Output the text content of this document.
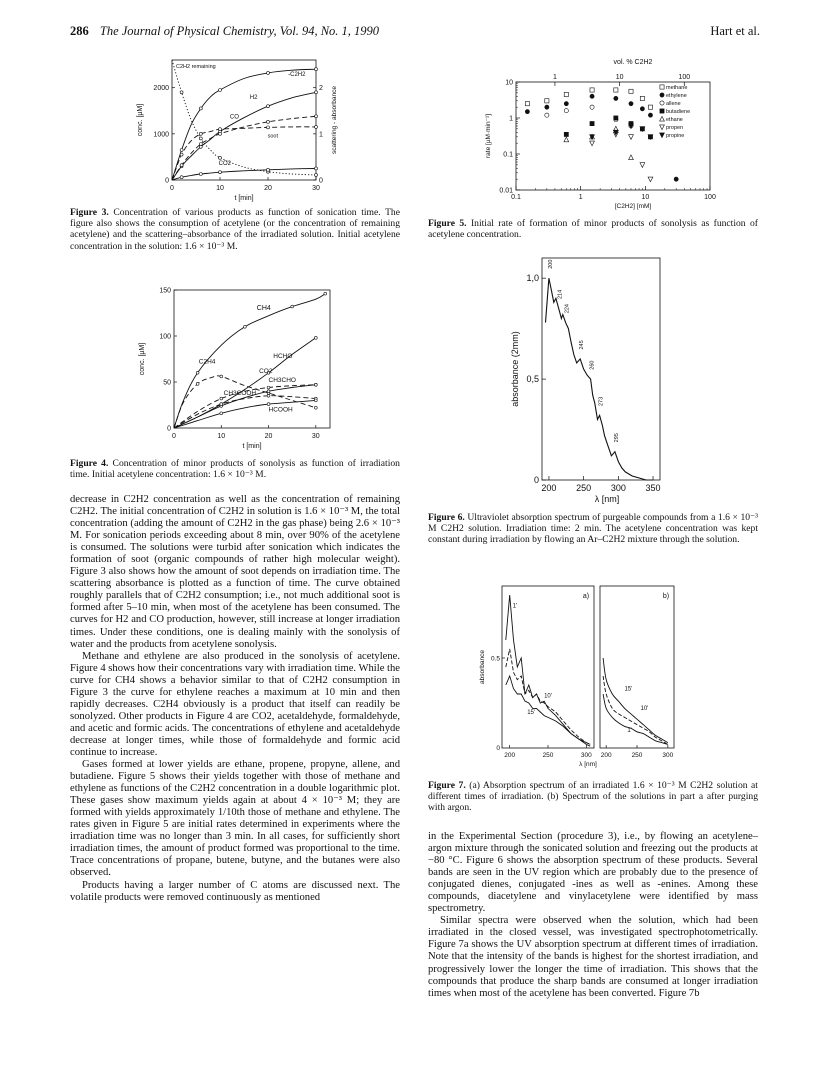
286 The Journal of Physical Chemistry, Vol. 94, No. 1, 1990	Hart et al.
0	10	20	30
0
1000
2000
0
1
2
conc. [µM]	scattering - absorbance
t [min]
C2H2 remaining
-C2H2
H2
CO
soot
CO2
Figure 3. Concentration of various products as function of sonication time. The figure also shows the consumption of acetylene (or the concentration of remaining acetylene) and the scattering–absorbance of the irradiated solution. Initial acetylene concentration in the solution: 1.6 × 10⁻³ M.
0	10	20	30
0
50
100
150
conc. [µM]
t [min]
CH4
C2H4
HCHO
CO2
CH3CHO
CH3COOH
HCOOH
Figure 4. Concentration of minor products of sonolysis as function of irradiation time. Initial acetylene concentration: 1.6 × 10⁻³ M.
0.1	1	10	100
0.01
0.1
1
10
1	10	100
vol. % C2H2
rate [µM·min⁻¹]
[C2H2] [mM]
methane
ethylene
allene
butadiene
ethane
propen
propine
Figure 5. Initial rate of formation of minor products of sonolysis as function of acetylene concentration.
200 250 300 350
0
0,5
1,0
absorbance (2mm)
λ [nm]
200
214
224
245
260
273
295
Figure 6. Ultraviolet absorption spectrum of purgeable compounds from a 1.6 × 10⁻³ M C2H2 solution. Irradiation time: 2 min. The acetylene concentration was kept constant during irradiation by flowing an Ar–C2H2 mixture through the solution.
a)	b)
200	200
250	250
300	300
0.5
0
absorbance
λ [nm]
1'
10'
15'
15'
10'
1'
Figure 7. (a) Absorption spectrum of an irradiated 1.6 × 10⁻³ M C2H2 solution at different times of irradiation. (b) Spectrum of the solutions in part a after purging with argon.

decrease in C2H2 concentration as well as the concentration of remaining C2H2. The initial concentration of C2H2 in solution is 1.6 × 10⁻³ M, the total concentration (adding the amount of C2H2 in the gas phase) being 2.6 × 10⁻³ M. For sonication periods exceeding about 8 min, over 90% of the acetylene is consumed. The solutions were turbid after sonication which indicates the formation of soot (organic compounds of rather high molecular weight). Figure 3 also shows how the amount of soot depends on irradiation time. The scattering absorbance is plotted as a function of time. The curve obtained roughly parallels that of C2H2 consumption; i.e., not much additional soot is formed after 5–10 min, when most of the acetylene has been consumed. The curves for H2 and CO production, however, still increase at longer irradiation times. Under these conditions, one is dealing mainly with the sonolysis of water and the products from acetylene sonolysis.

Methane and ethylene are also produced in the sonolysis of acetylene. Figure 4 shows how their concentrations vary with irradiation time. While the curve for CH4 shows a behavior similar to that of C2H2 consumption in Figure 3 the curve for ethylene reaches a maximum at 10 min and then rapidly decreases. C2H4 obviously is a product that itself can readily be sonolyzed. Other products in Figure 4 are CO2, acetaldehyde, formaldehyde, and acetic and formic acids. The concentrations of ethylene and acetaldehyde decrease at longer times, while those of formaldehyde and formic acid continue to increase.

Gases formed at lower yields are ethane, propene, propyne, allene, and butadiene. Figure 5 shows their yields together with those of methane and ethylene as functions of the C2H2 concentration in a double logarithmic plot. These gases show maximum yields again at about 4 × 10⁻³ M; they are formed with yields approximately 1/10th those of methane and ethylene. The rates given in Figure 5 are initial rates determined in experiments where the irradiation time was no longer than 3 min. In all cases, for sufficiently short irradiation times, the amount of product formed was proportional to the time. Trace concentrations of propane, butene, butyne, and the butanes were also observed.

Products having a larger number of C atoms are discussed next. The volatile products were removed continuously as mentioned

in the Experimental Section (procedure 3), i.e., by flowing an acetylene–argon mixture through the sonicated solution and freezing out the products at −80 °C. Figure 6 shows the absorption spectrum of these products. Several bands are seen in the UV region which are probably due to the presence of conjugated dienes, conjugated -ines as well as -enines. Among these compounds, diacetylene and vinylacetylene were identified by mass spectrometry.

Similar spectra were observed when the solution, which had been irradiated in the closed vessel, was investigated spectrophotometrically. Figure 7a shows the UV absorption spectrum at different times of irradiation. Note that the intensity of the bands is highest for the shortest irradiation, and progressively lower the longer the time of irradiation. This shows that the compounds that produce the sharp bands are consumed at longer irradiation times when most of the acetylene has been converted. Figure 7b
